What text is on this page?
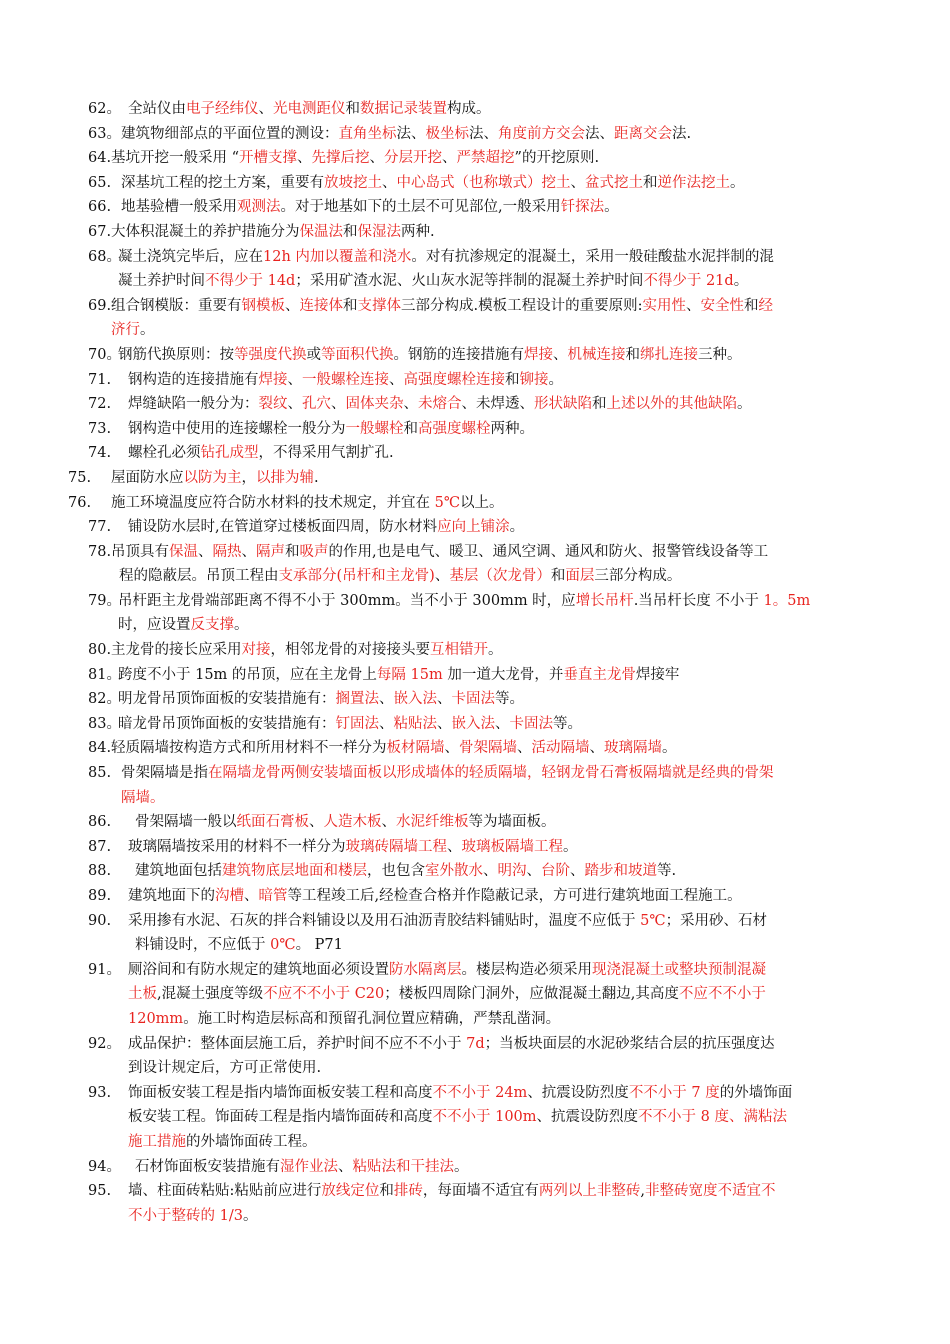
62。 全站仪由电子经纬仪、光电测距仪和数据记录装置构成。
63。 建筑物细部点的平面位置的测设：直角坐标法、极坐标法、角度前方交会法、距离交会法.
64. 基坑开挖一般采用 “开槽支撑、先撑后挖、分层开挖、严禁超挖”的开挖原则.
65. 深基坑工程的挖土方案，重要有放坡挖土、中心岛式（也称墩式）挖土、盆式挖土和逆作法挖土。
66. 地基验槽一般采用观测法。对于地基如下的土层不可见部位,一般采用钎探法。
67. 大体积混凝土的养护措施分为保温法和保湿法两种.
68。
凝土浇筑完毕后，应在12h 内加以覆盖和浇水。对有抗渗规定的混凝土，采用一般硅酸盐水泥拌制的混
凝土养护时间不得少于 14d；采用矿渣水泥、火山灰水泥等拌制的混凝土养护时间不得少于 21d。
69. 组合钢模版：重要有钢模板、连接体和支撑体三部分构成.模板工程设计的重要原则:实用性、安全性和经
济行。
70。
钢筋代换原则：按等强度代换或等面积代换。钢筋的连接措施有焊接、机械连接和绑扎连接三种。
71. 钢构造的连接措施有焊接、一般螺栓连接、高强度螺栓连接和铆接。
72. 焊缝缺陷一般分为：裂纹、孔穴、固体夹杂、未熔合、未焊透、形状缺陷和上述以外的其他缺陷。
73. 钢构造中使用的连接螺栓一般分为一般螺栓和高强度螺栓两种。
74. 螺栓孔必须钻孔成型，不得采用气割扩孔.
75. 屋面防水应以防为主，以排为辅.
76. 施工环境温度应符合防水材料的技术规定，并宜在 5℃以上。
77. 铺设防水层时,在管道穿过楼板面四周，防水材料应向上铺涂。
78. 吊顶具有保温、隔热、隔声和吸声的作用,也是电气、暖卫、通风空调、通风和防火、报警管线设备等工
程的隐蔽层。吊顶工程由支承部分(吊杆和主龙骨)、基层（次龙骨）和面层三部分构成。
79。
吊杆距主龙骨端部距离不得不小于 300mm。当不小于 300mm 时，应增长吊杆.当吊杆长度 不小于 1。5m
时，应设置反支撑。
80. 主龙骨的接长应采用对接，相邻龙骨的对接接头要互相错开。
81。
跨度不小于 15m 的吊顶，应在主龙骨上每隔 15m 加一道大龙骨，并垂直主龙骨焊接牢
82。
明龙骨吊顶饰面板的安装措施有：搁置法、嵌入法、卡固法等。
83。
暗龙骨吊顶饰面板的安装措施有：钉固法、粘贴法、嵌入法、卡固法等。
84. 轻质隔墙按构造方式和所用材料不一样分为板材隔墙、骨架隔墙、活动隔墙、玻璃隔墙。
85. 骨架隔墙是指在隔墙龙骨两侧安装墙面板以形成墙体的轻质隔墙，轻钢龙骨石膏板隔墙就是经典的骨架
隔墙。
86. 骨架隔墙一般以纸面石膏板、人造木板、水泥纤维板等为墙面板。
87. 玻璃隔墙按采用的材料不一样分为玻璃砖隔墙工程、玻璃板隔墙工程。
88. 建筑地面包括建筑物底层地面和楼层，也包含室外散水、明沟、台阶、踏步和坡道等.
89. 建筑地面下的沟槽、暗管等工程竣工后,经检查合格并作隐蔽记录，方可进行建筑地面工程施工。
90. 采用掺有水泥、石灰的拌合料铺设以及用石油沥青胶结料铺贴时，温度不应低于 5℃；采用砂、石材
料铺设时，不应低于 0℃。 P71
91。 厕浴间和有防水规定的建筑地面必须设置防水隔离层。楼层构造必须采用现浇混凝土或整块预制混凝
土板,混凝土强度等级不应不不小于 C20；楼板四周除门洞外，应做混凝土翻边,其高度不应不不小于
120mm。施工时构造层标高和预留孔洞位置应精确，严禁乱凿洞。
92。 成品保护：整体面层施工后，养护时间不应不不小于 7d；当板块面层的水泥砂浆结合层的抗压强度达
到设计规定后，方可正常使用.
93. 饰面板安装工程是指内墙饰面板安装工程和高度不不小于 24m、抗震设防烈度不不小于 7 度的外墙饰面
板安装工程。饰面砖工程是指内墙饰面砖和高度不不小于 100m、抗震设防烈度不不小于 8 度、满粘法
施工措施的外墙饰面砖工程。
94。 石材饰面板安装措施有湿作业法、粘贴法和干挂法。
95. 墙、柱面砖粘贴:粘贴前应进行放线定位和排砖，每面墙不适宜有两列以上非整砖,非整砖宽度不适宜不
不小于整砖的 1/3。
